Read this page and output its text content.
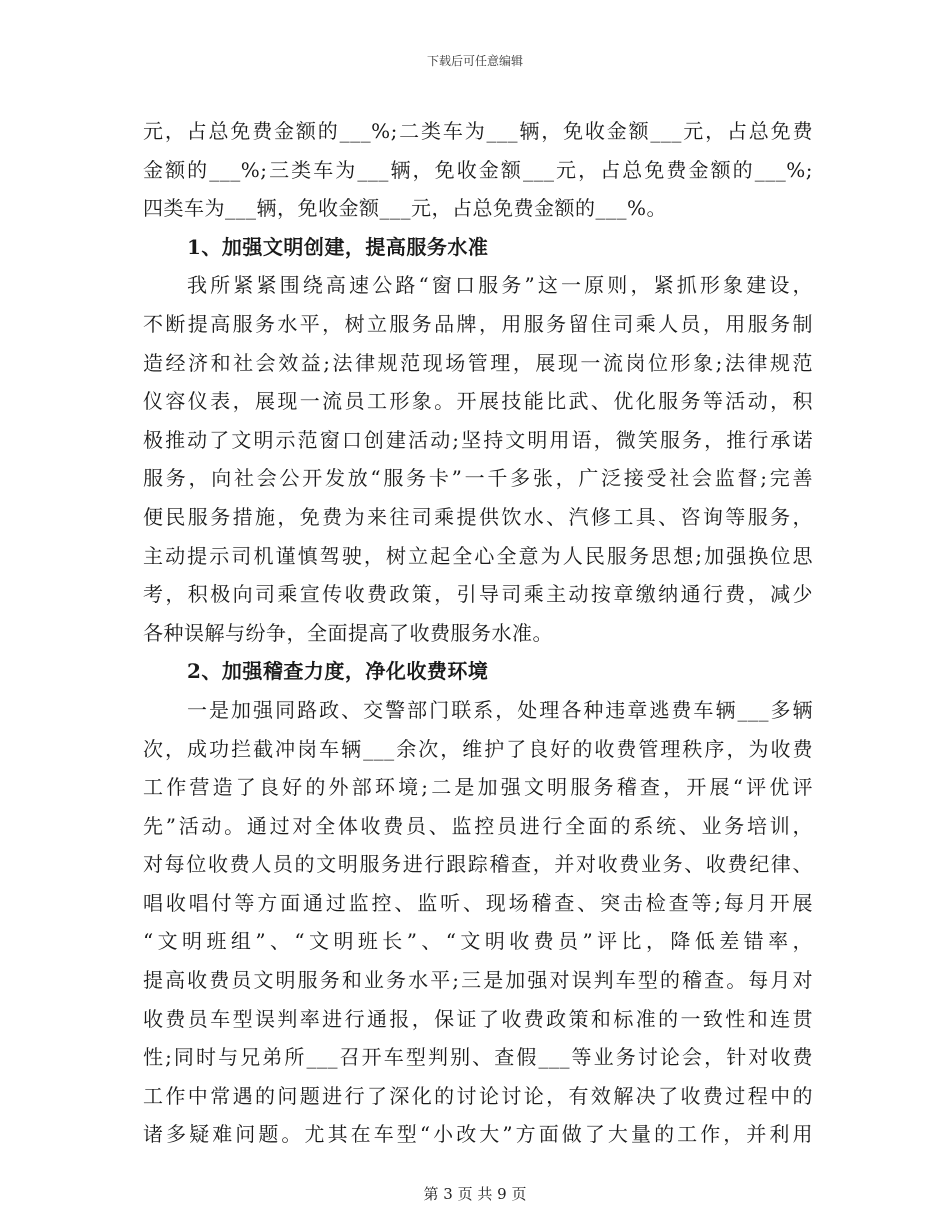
下载后可任意编辑
元，占总免费金额的___%;二类车为___辆，免收金额___元，占总免费
金额的___%;三类车为___辆，免收金额___元，占总免费金额的___%;
四类车为___辆，免收金额___元，占总免费金额的___%。
1、加强文明创建，提高服务水准
我所紧紧围绕高速公路“窗口服务”这一原则，紧抓形象建设，
不断提高服务水平，树立服务品牌，用服务留住司乘人员，用服务制
造经济和社会效益;法律规范现场管理，展现一流岗位形象;法律规范
仪容仪表，展现一流员工形象。开展技能比武、优化服务等活动，积
极推动了文明示范窗口创建活动;坚持文明用语，微笑服务，推行承诺
服务，向社会公开发放“服务卡”一千多张，广泛接受社会监督;完善
便民服务措施，免费为来往司乘提供饮水、汽修工具、咨询等服务，
主动提示司机谨慎驾驶，树立起全心全意为人民服务思想;加强换位思
考，积极向司乘宣传收费政策，引导司乘主动按章缴纳通行费，减少
各种误解与纷争，全面提高了收费服务水准。
2、加强稽查力度，净化收费环境
一是加强同路政、交警部门联系，处理各种违章逃费车辆___多辆
次，成功拦截冲岗车辆___余次，维护了良好的收费管理秩序，为收费
工作营造了良好的外部环境;二是加强文明服务稽查，开展“评优评
先”活动。通过对全体收费员、监控员进行全面的系统、业务培训，
对每位收费人员的文明服务进行跟踪稽查，并对收费业务、收费纪律、
唱收唱付等方面通过监控、监听、现场稽查、突击检查等;每月开展
“文明班组”、“文明班长”、“文明收费员”评比，降低差错率，
提高收费员文明服务和业务水平;三是加强对误判车型的稽查。每月对
收费员车型误判率进行通报，保证了收费政策和标准的一致性和连贯
性;同时与兄弟所___召开车型判别、查假___等业务讨论会，针对收费
工作中常遇的问题进行了深化的讨论讨论，有效解决了收费过程中的
诸多疑难问题。尤其在车型“小改大”方面做了大量的工作，并利用
第 3 页 共 9 页
